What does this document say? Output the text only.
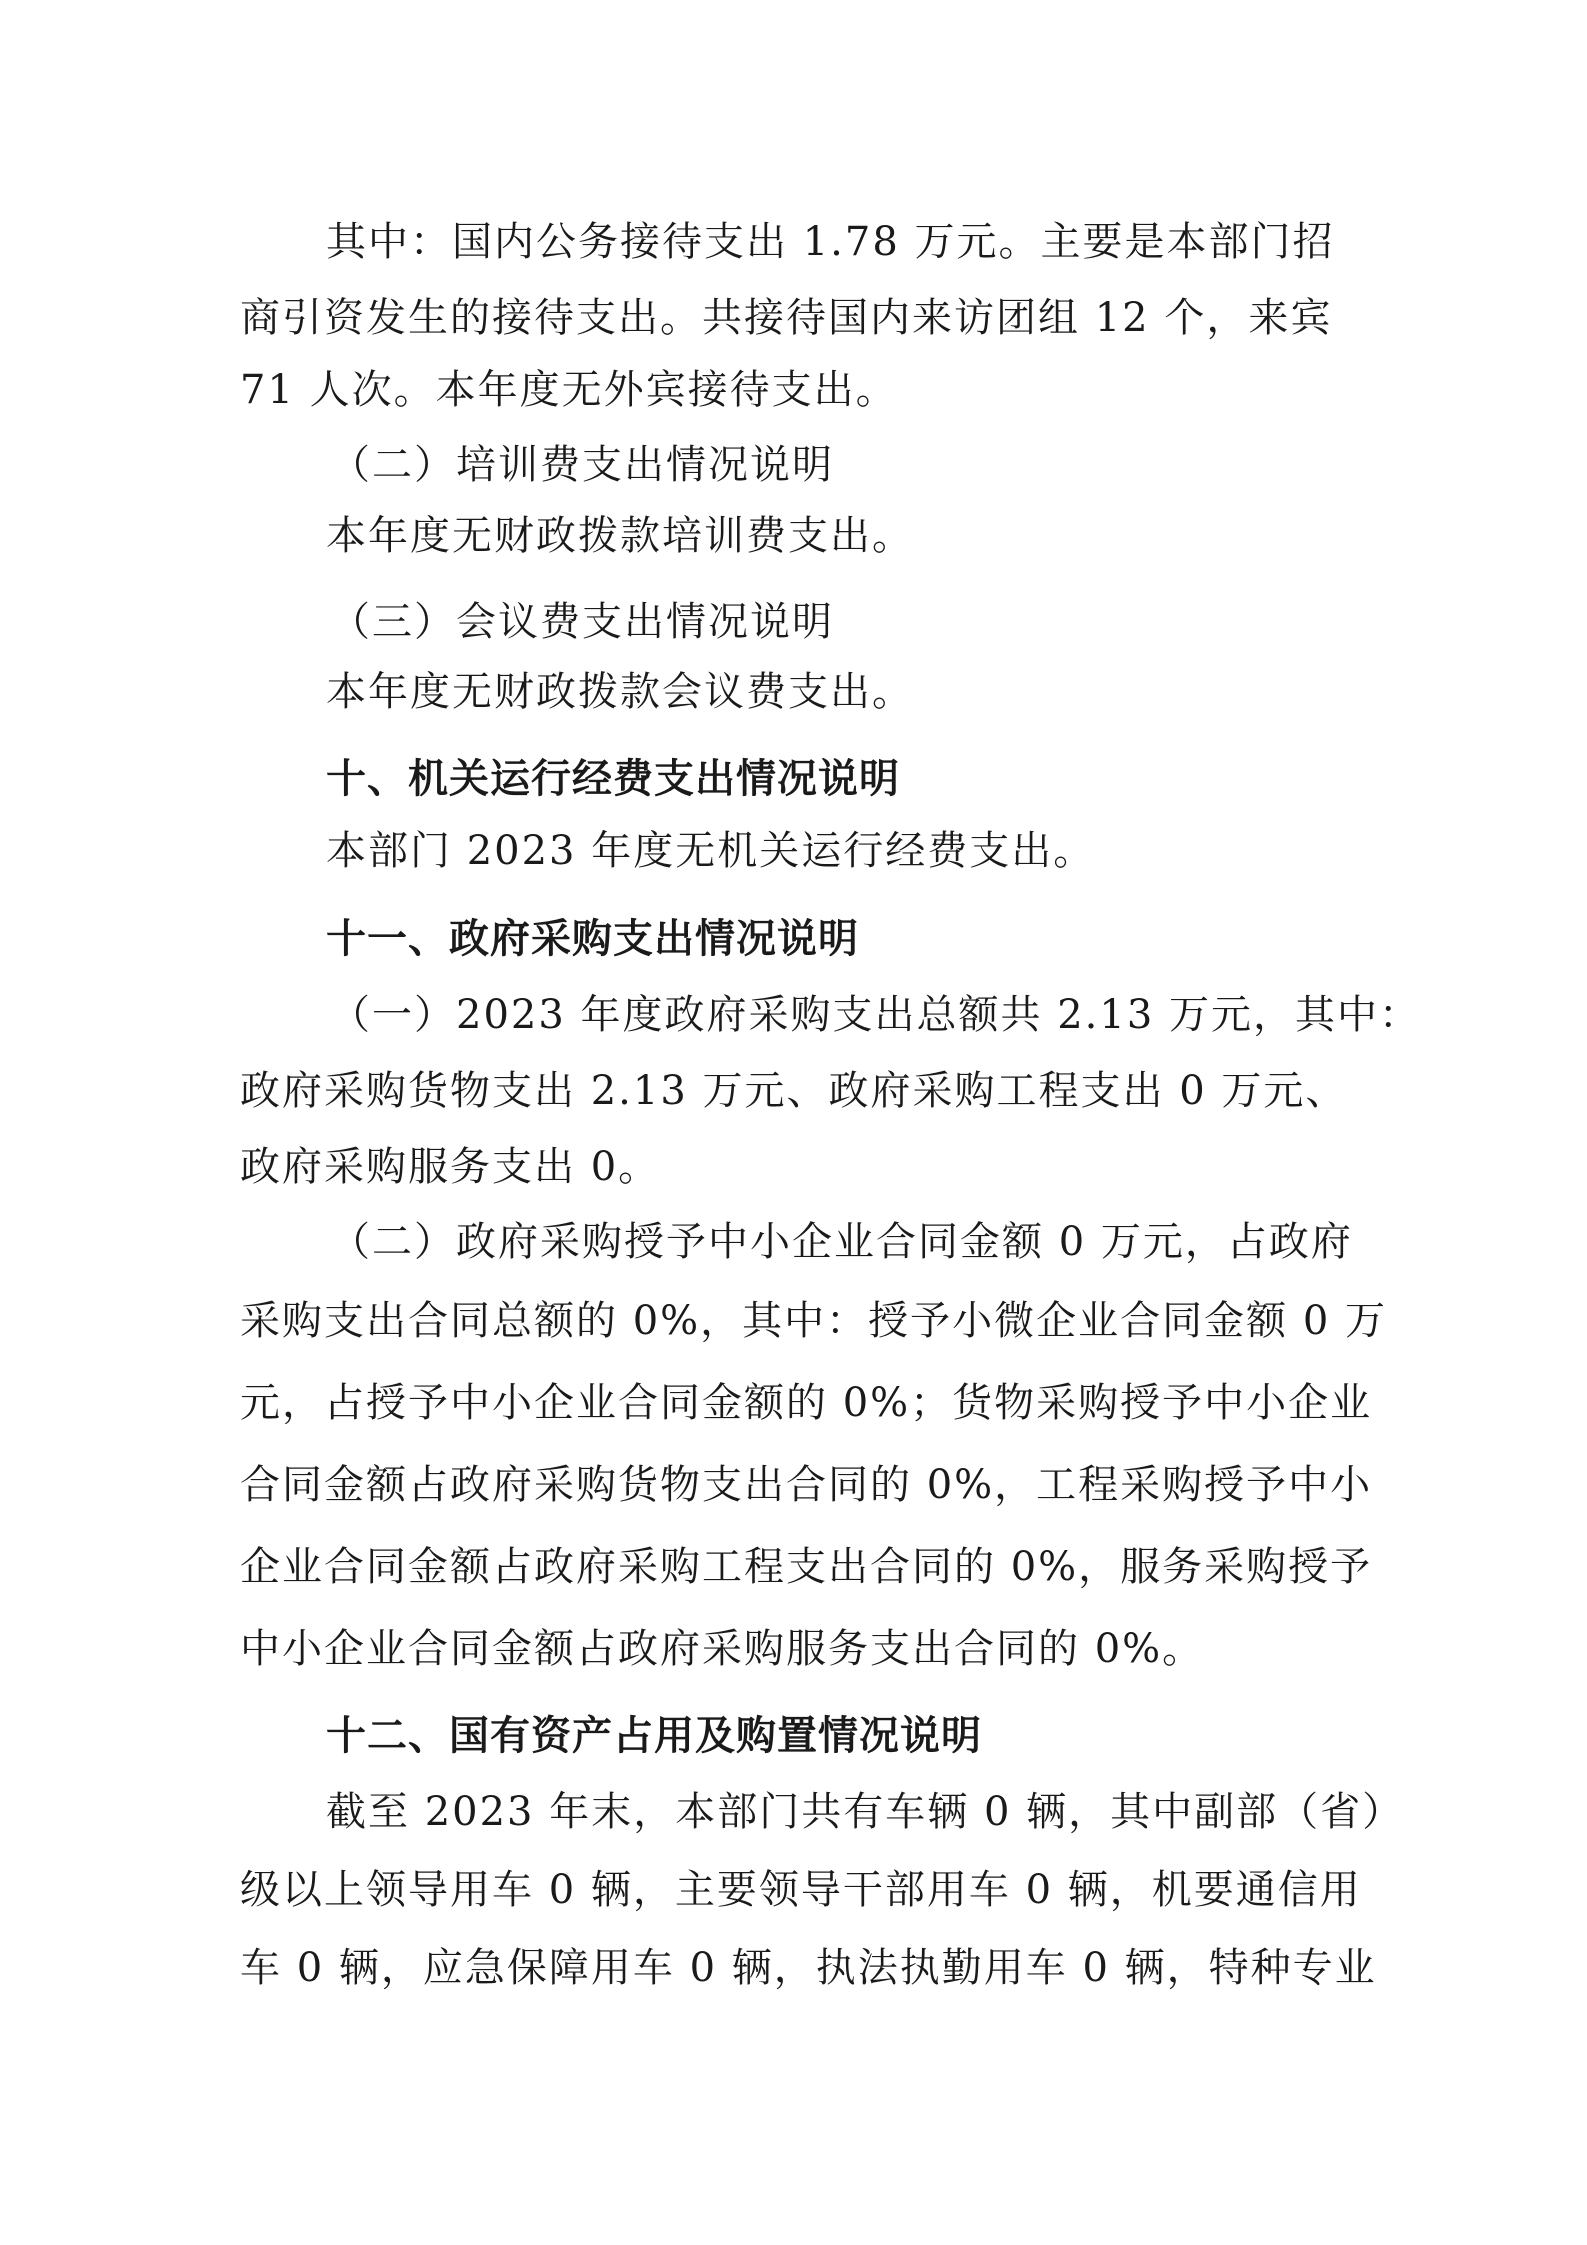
其中：国内公务接待支出 1.78 万元。主要是本部门招
商引资发生的接待支出。共接待国内来访团组 12 个，来宾
71 人次。本年度无外宾接待支出。
（二）培训费支出情况说明
本年度无财政拨款培训费支出。
（三）会议费支出情况说明
本年度无财政拨款会议费支出。
十、机关运行经费支出情况说明
本部门 2023 年度无机关运行经费支出。
十一、政府采购支出情况说明
（一）2023 年度政府采购支出总额共 2.13 万元，其中：
政府采购货物支出 2.13 万元、政府采购工程支出 0 万元、
政府采购服务支出 0。
（二）政府采购授予中小企业合同金额 0 万元，占政府
采购支出合同总额的 0%，其中：授予小微企业合同金额 0 万
元，占授予中小企业合同金额的 0%；货物采购授予中小企业
合同金额占政府采购货物支出合同的 0%，工程采购授予中小
企业合同金额占政府采购工程支出合同的 0%，服务采购授予
中小企业合同金额占政府采购服务支出合同的 0%。
十二、国有资产占用及购置情况说明
截至 2023 年末，本部门共有车辆 0 辆，其中副部（省）
级以上领导用车 0 辆，主要领导干部用车 0 辆，机要通信用
车 0 辆，应急保障用车 0 辆，执法执勤用车 0 辆，特种专业
